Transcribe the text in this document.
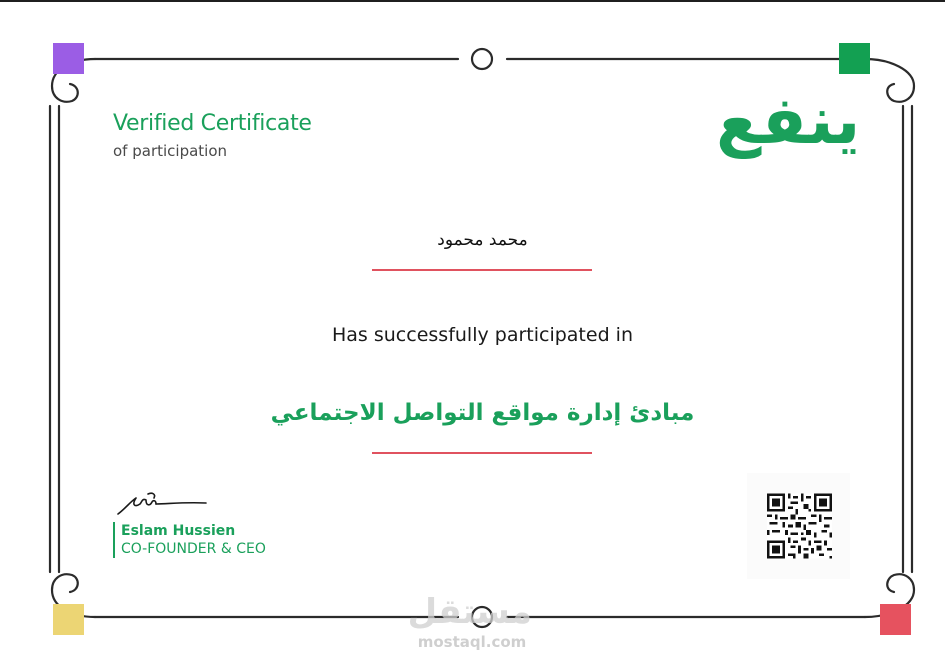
Verified Certificate
of participation	ينفع
محمد محمود
Has successfully participated in
مبادئ إدارة مواقع التواصل الاجتماعي
Eslam Hussien
CO-FOUNDER & CEO
مستقل
mostaql.com
